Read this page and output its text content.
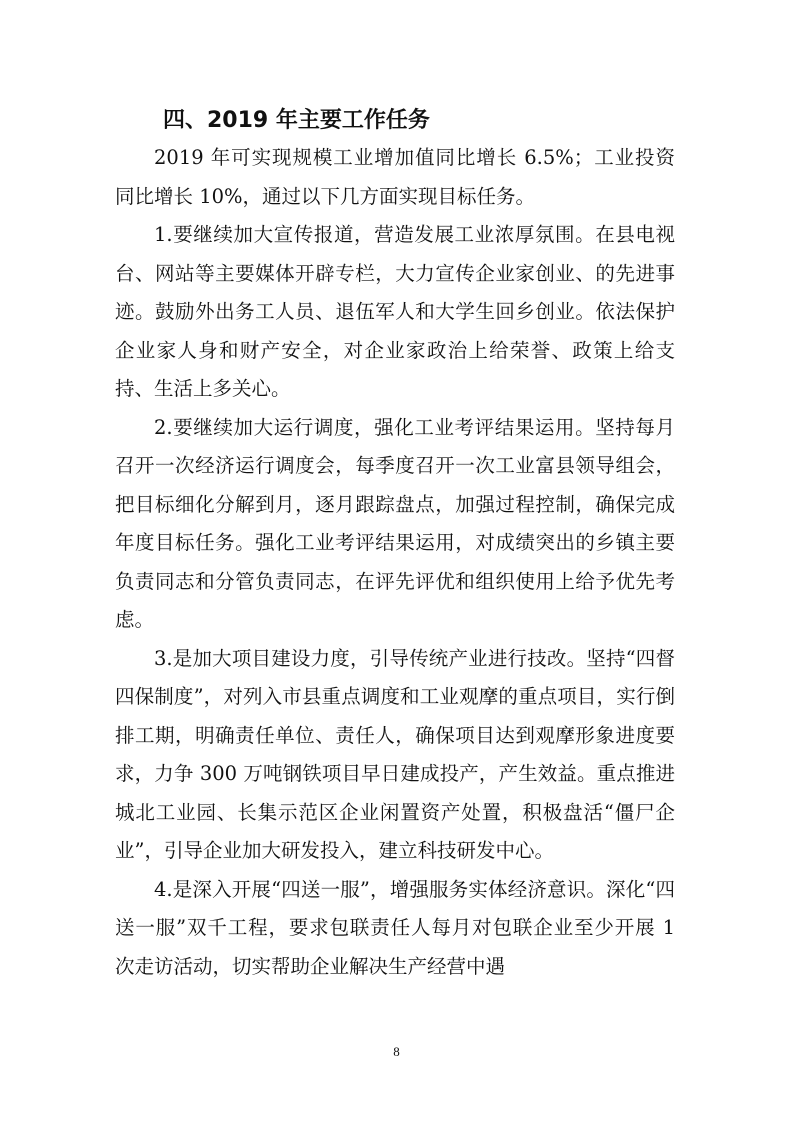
四、2019 年主要工作任务

2019 年可实现规模工业增加值同比增长 6.5%；工业投资同比增长 10%，通过以下几方面实现目标任务。

1.要继续加大宣传报道，营造发展工业浓厚氛围。在县电视台、网站等主要媒体开辟专栏，大力宣传企业家创业、的先进事迹。鼓励外出务工人员、退伍军人和大学生回乡创业。依法保护企业家人身和财产安全，对企业家政治上给荣誉、政策上给支持、生活上多关心。

2.要继续加大运行调度，强化工业考评结果运用。坚持每月召开一次经济运行调度会，每季度召开一次工业富县领导组会，把目标细化分解到月，逐月跟踪盘点，加强过程控制，确保完成年度目标任务。强化工业考评结果运用，对成绩突出的乡镇主要负责同志和分管负责同志，在评先评优和组织使用上给予优先考虑。

3.是加大项目建设力度，引导传统产业进行技改。坚持“四督四保制度”，对列入市县重点调度和工业观摩的重点项目，实行倒排工期，明确责任单位、责任人，确保项目达到观摩形象进度要求，力争 300 万吨钢铁项目早日建成投产，产生效益。重点推进城北工业园、长集示范区企业闲置资产处置，积极盘活“僵尸企业”，引导企业加大研发投入，建立科技研发中心。

4.是深入开展“四送一服”，增强服务实体经济意识。深化“四送一服”双千工程，要求包联责任人每月对包联企业至少开展 1 次走访活动，切实帮助企业解决生产经营中遇

8
